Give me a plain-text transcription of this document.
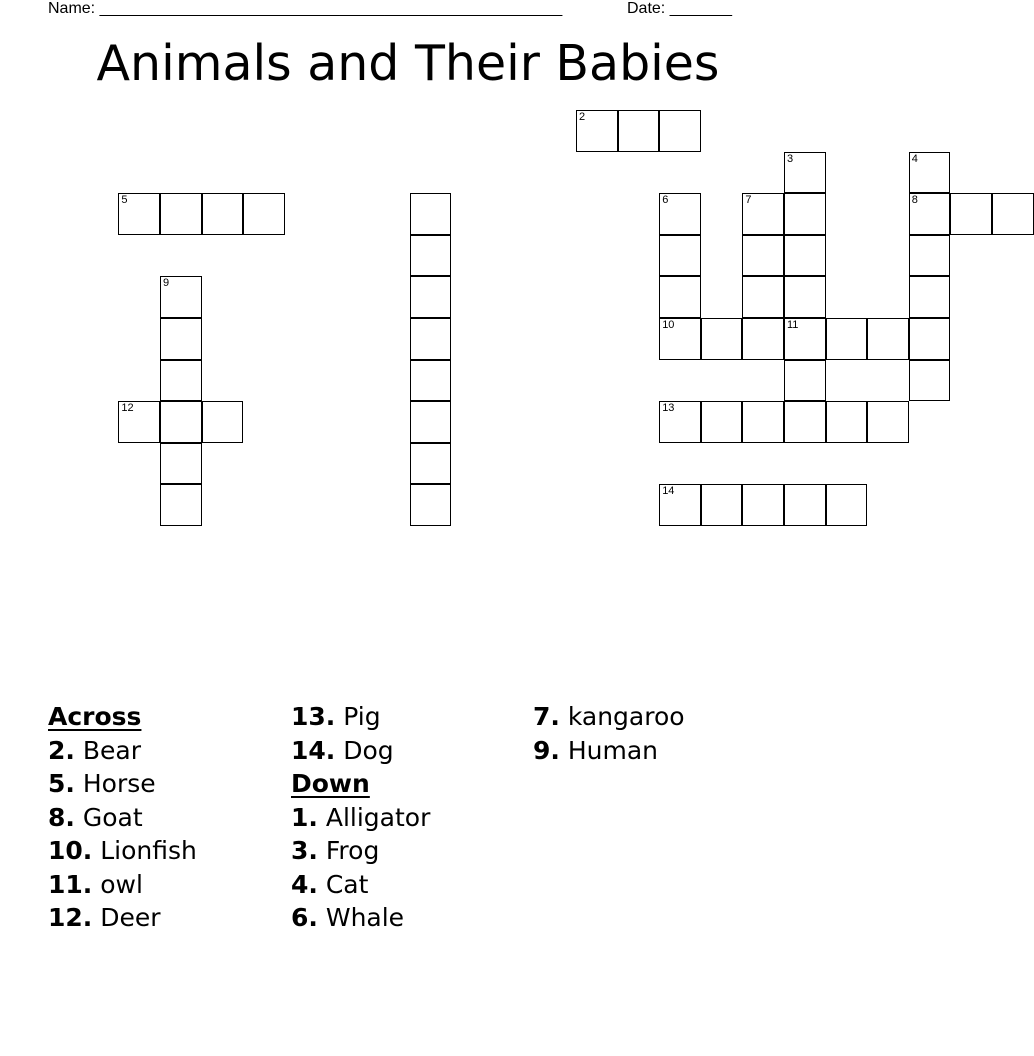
Name: ____________________________________________________	Date: _______
Animals and Their Babies
2
3
11
4
8
5	6
10
7
9
12	13
14
Across
2. Bear
5. Horse
8. Goat
10. Lionfish
11. owl
12. Deer
13. Pig
14. Dog
Down
1. Alligator
3. Frog
4. Cat
6. Whale
7. kangaroo
9. Human
